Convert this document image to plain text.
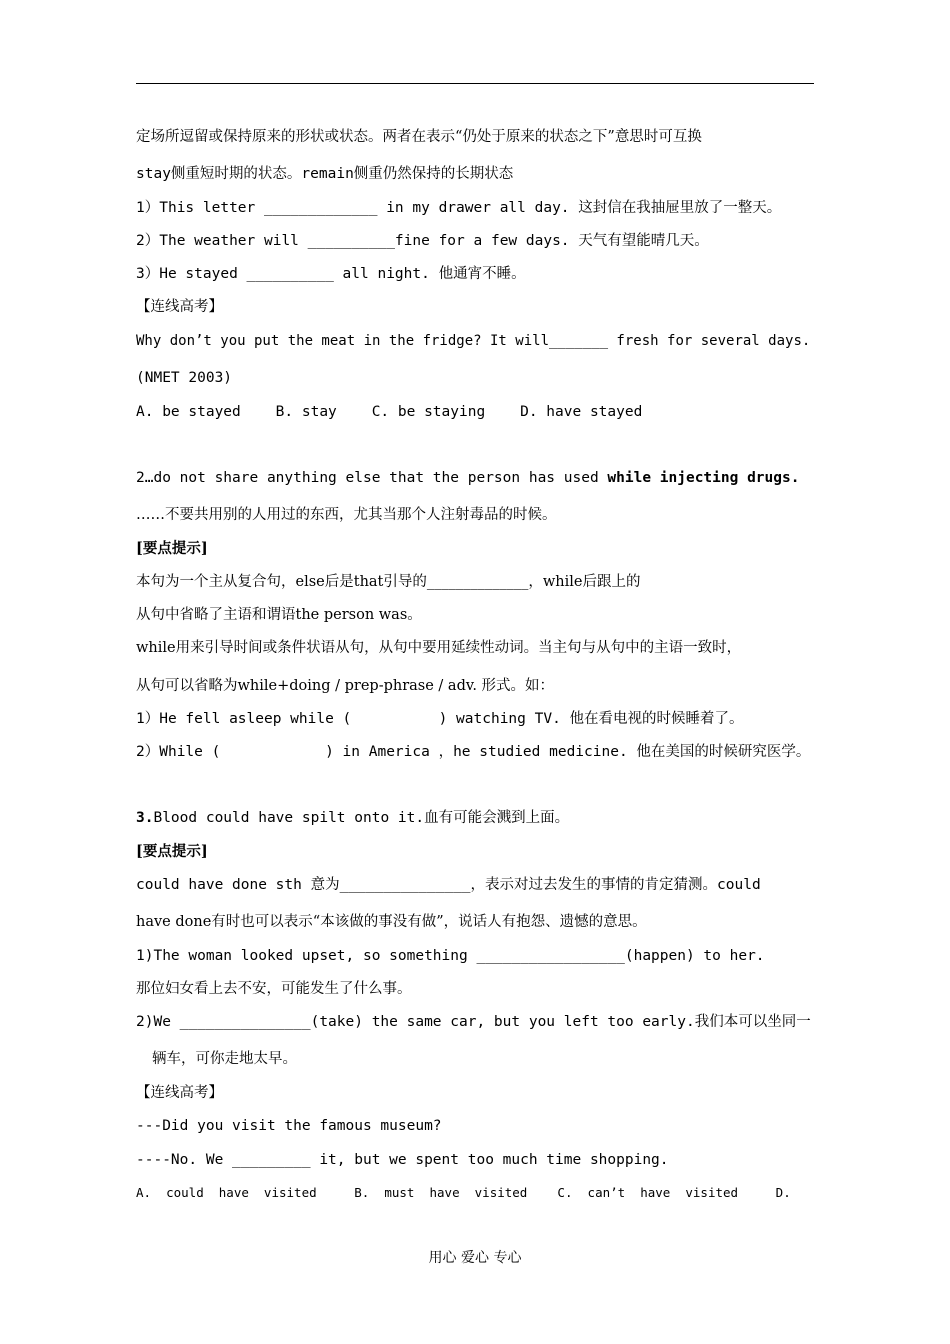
定场所逗留或保持原来的形状或状态。两者在表示“仍处于原来的状态之下”意思时可互换
stay侧重短时期的状态。remain侧重仍然保持的长期状态
1）This letter _____________ in my drawer all day. 这封信在我抽屉里放了一整天。
2）The weather will __________fine for a few days. 天气有望能晴几天。
3）He stayed __________ all night. 他通宵不睡。
【连线高考】
Why don’t you put the meat in the fridge? It will_______ fresh for several days.
(NMET 2003)
A. be stayed    B. stay    C. be staying    D. have stayed
2…do not share anything else that the person has used while injecting drugs.
……不要共用别的人用过的东西，尤其当那个人注射毒品的时候。
[要点提示]
本句为一个主从复合句，else后是that引导的______________，while后跟上的
从句中省略了主语和谓语the person was。
while用来引导时间或条件状语从句，从句中要用延续性动词。当主句与从句中的主语一致时，
从句可以省略为while+doing / prep-phrase / adv. 形式。如：
1）He fell asleep while (          ) watching TV. 他在看电视的时候睡着了。
2）While (            ) in America ，he studied medicine. 他在美国的时候研究医学。
3.Blood could have spilt onto it.血有可能会溅到上面。
[要点提示]
could have done sth 意为_______________，表示对过去发生的事情的肯定猜测。could
have done有时也可以表示“本该做的事没有做”，说话人有抱怨、遗憾的意思。
1)The woman looked upset, so something _________________(happen) to her.
那位妇女看上去不安，可能发生了什么事。
2)We _______________(take) the same car, but you left too early.我们本可以坐同一
辆车，可你走地太早。
【连线高考】
---Did you visit the famous museum?
----No. We _________ it, but we spent too much time shopping.
A.  could  have  visited     B.  must  have  visited    C.  can’t  have  visited     D.
用心 爱心 专心
